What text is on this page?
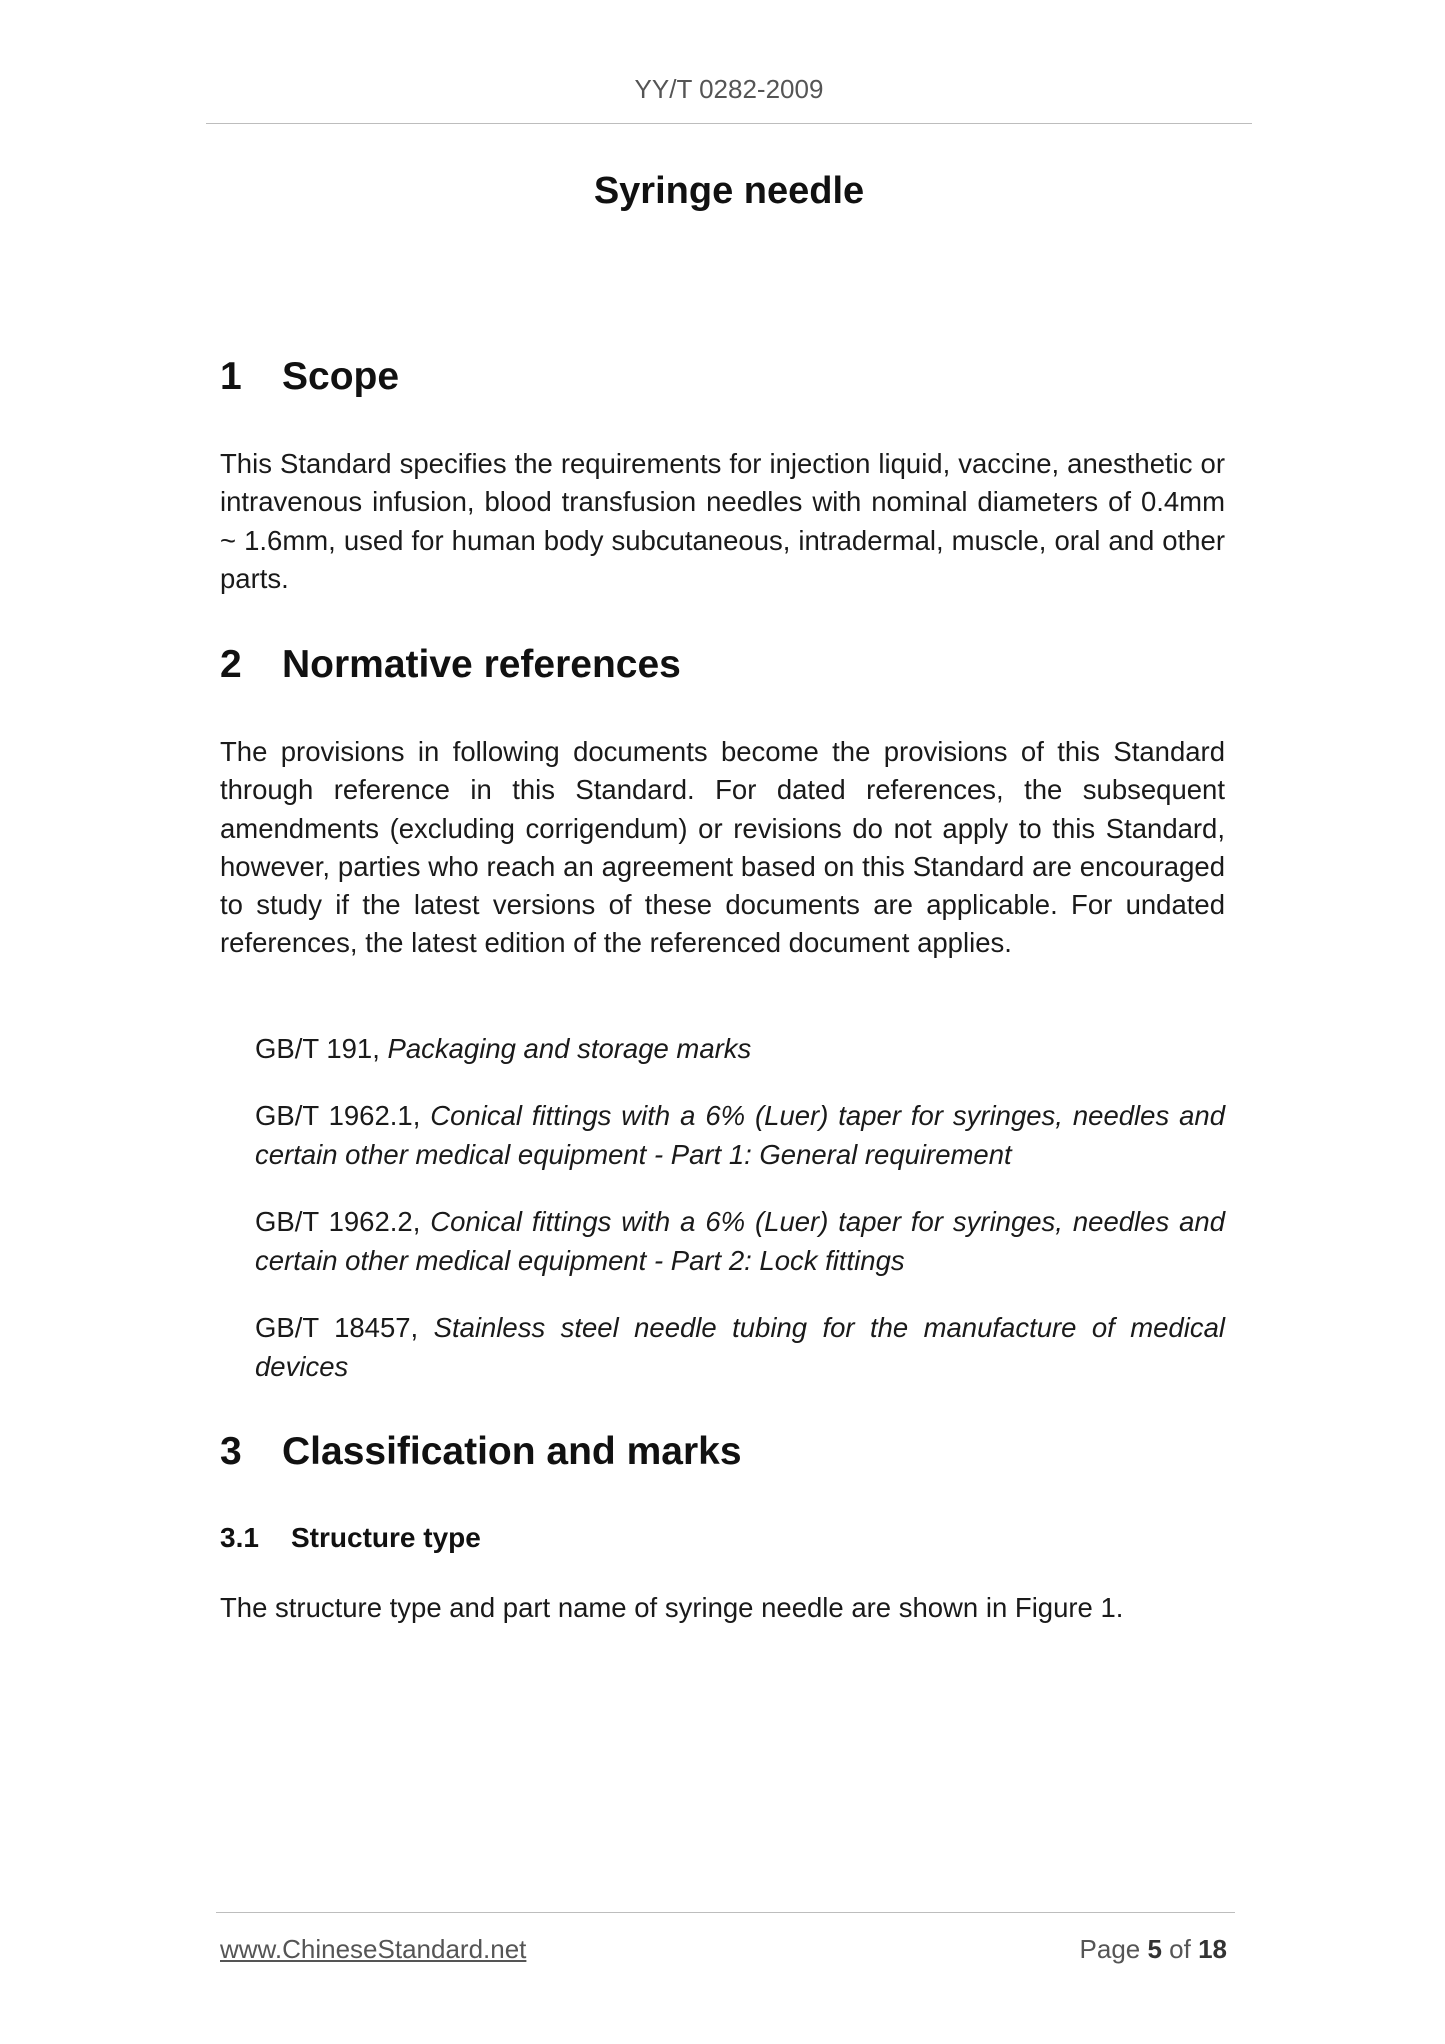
YY/T 0282-2009
Syringe needle
1 Scope

This Standard specifies the requirements for injection liquid, vaccine, anesthetic or intravenous infusion, blood transfusion needles with nominal diameters of 0.4mm ~ 1.6mm, used for human body subcutaneous, intradermal, muscle, oral and other parts.

2 Normative references

The provisions in following documents become the provisions of this Standard through reference in this Standard. For dated references, the subsequent amendments (excluding corrigendum) or revisions do not apply to this Standard, however, parties who reach an agreement based on this Standard are encouraged to study if the latest versions of these documents are applicable. For undated references, the latest edition of the referenced document applies.

GB/T 191, Packaging and storage marks

GB/T 1962.1, Conical fittings with a 6% (Luer) taper for syringes, needles and certain other medical equipment - Part 1: General requirement

GB/T 1962.2, Conical fittings with a 6% (Luer) taper for syringes, needles and certain other medical equipment - Part 2: Lock fittings

GB/T 18457, Stainless steel needle tubing for the manufacture of medical devices

3 Classification and marks
3.1 Structure type

The structure type and part name of syringe needle are shown in Figure 1.

www.ChineseStandard.net	Page 5 of 18
